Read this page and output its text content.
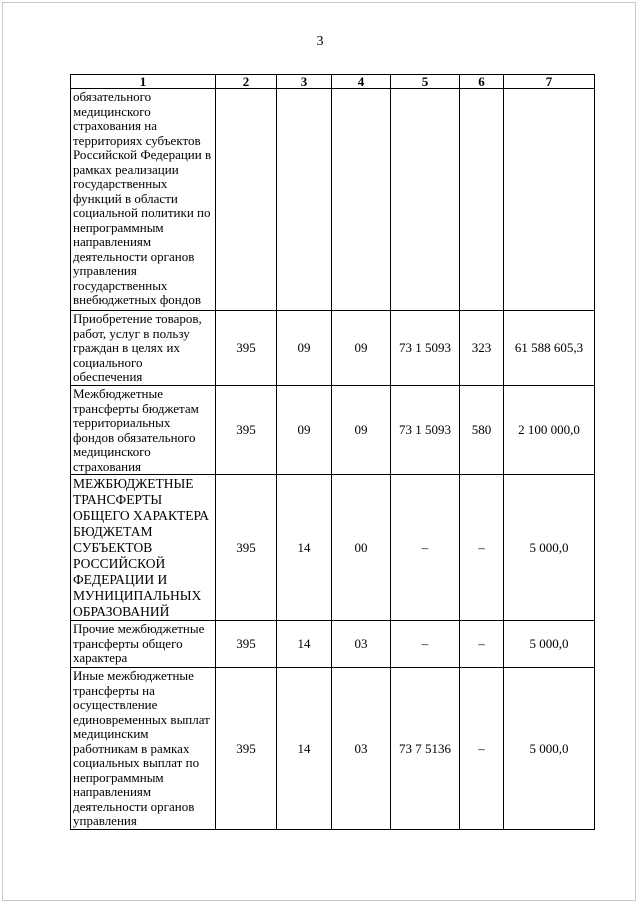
3
1	2	3	4	5	6	7
обязательного медицинского страхования на территориях субъектов Российской Федерации в рамках реализации государственных функций в области социальной политики по непрограммным направлениям деятельности органов управления государственных внебюджетных фондов						
Приобретение товаров, работ, услуг в пользу граждан в целях их социального обеспечения	395	09	09	73 1 5093	323	61 588 605,3
Межбюджетные трансферты бюджетам территориальных фондов обязательного медицинского страхования	395	09	09	73 1 5093	580	2 100 000,0
МЕЖБЮДЖЕТНЫЕ ТРАНСФЕРТЫ ОБЩЕГО ХАРАКТЕРА БЮДЖЕТАМ СУБЪЕКТОВ РОССИЙСКОЙ ФЕДЕРАЦИИ И МУНИЦИПАЛЬНЫХ ОБРАЗОВАНИЙ	395	14	00	–	–	5 000,0
Прочие межбюджетные трансферты общего характера	395	14	03	–	–	5 000,0
Иные межбюджетные трансферты на осуществление единовременных выплат медицинским работникам в рамках социальных выплат по непрограммным направлениям деятельности органов управления	395	14	03	73 7 5136	–	5 000,0
